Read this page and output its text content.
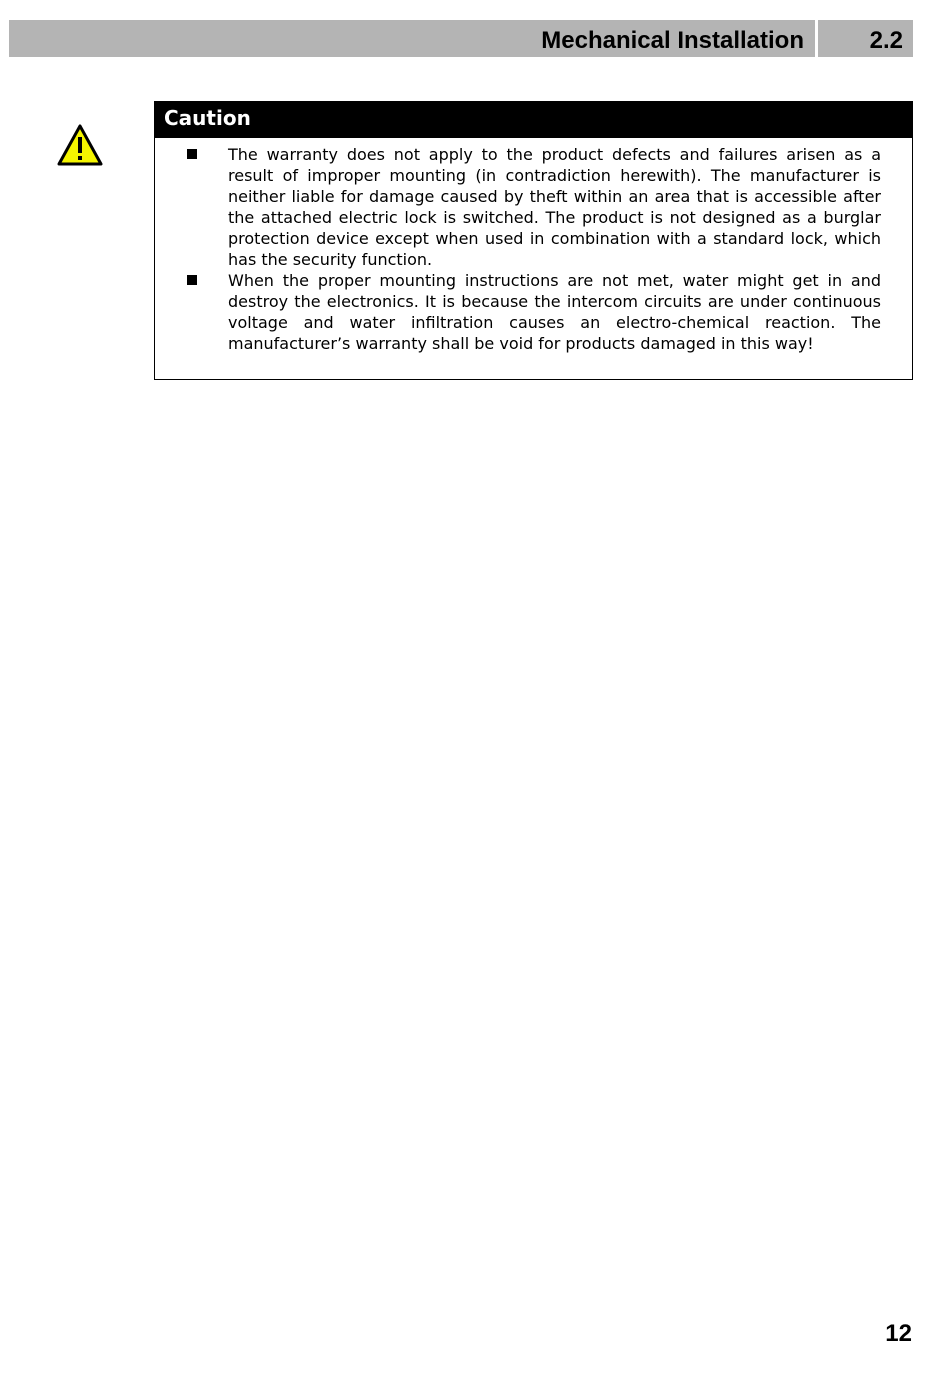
Mechanical Installation	2.2
Caution
The warranty does not apply to the product defects and failures arisen as a result of improper mounting (in contradiction herewith). The manufacturer is neither liable for damage caused by theft within an area that is accessible after the attached electric lock is switched. The product is not designed as a burglar protection device except when used in combination with a standard lock, which has the security function.
When the proper mounting instructions are not met, water might get in and destroy the electronics. It is because the intercom circuits are under continuous voltage and water infiltration causes an electro-chemical reaction. The manufacturer’s warranty shall be void for products damaged in this way!
12
